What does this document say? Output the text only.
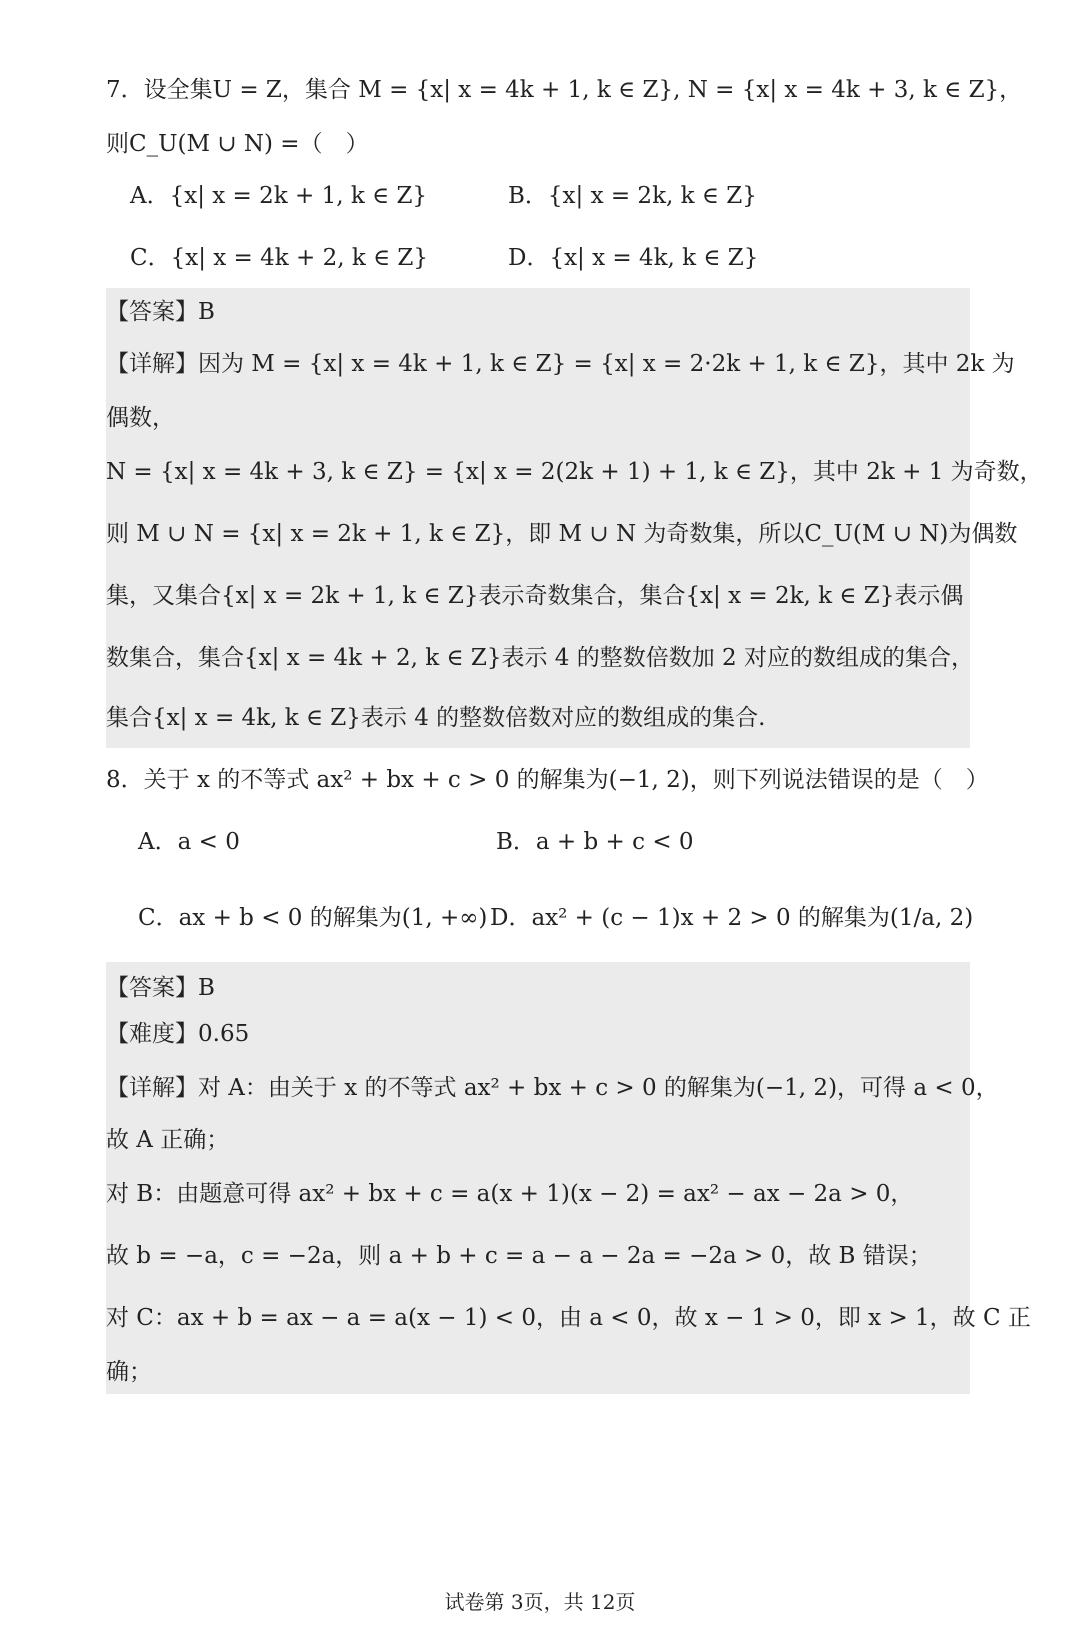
7．设全集U = Z，集合 M = {x| x = 4k + 1, k ∈ Z}, N = {x| x = 4k + 3, k ∈ Z}，
则C_U(M ∪ N) =（　）
A．{x| x = 2k + 1, k ∈ Z}	B．{x| x = 2k, k ∈ Z}
C．{x| x = 4k + 2, k ∈ Z}	D．{x| x = 4k, k ∈ Z}
【答案】B
【详解】因为 M = {x| x = 4k + 1, k ∈ Z} = {x| x = 2·2k + 1, k ∈ Z}，其中 2k 为
偶数，
N = {x| x = 4k + 3, k ∈ Z} = {x| x = 2(2k + 1) + 1, k ∈ Z}，其中 2k + 1 为奇数，
则 M ∪ N = {x| x = 2k + 1, k ∈ Z}，即 M ∪ N 为奇数集，所以C_U(M ∪ N)为偶数
集，又集合{x| x = 2k + 1, k ∈ Z}表示奇数集合，集合{x| x = 2k, k ∈ Z}表示偶
数集合，集合{x| x = 4k + 2, k ∈ Z}表示 4 的整数倍数加 2 对应的数组成的集合，
集合{x| x = 4k, k ∈ Z}表示 4 的整数倍数对应的数组成的集合.
8．关于 x 的不等式 ax² + bx + c > 0 的解集为(−1, 2)，则下列说法错误的是（　）
A．a < 0	B．a + b + c < 0
C．ax + b < 0 的解集为(1, +∞) D．ax² + (c − 1)x + 2 > 0 的解集为(1/a, 2)
【答案】B
【难度】0.65
【详解】对 A：由关于 x 的不等式 ax² + bx + c > 0 的解集为(−1, 2)，可得 a < 0，
故 A 正确；
对 B：由题意可得 ax² + bx + c = a(x + 1)(x − 2) = ax² − ax − 2a > 0，
故 b = −a，c = −2a，则 a + b + c = a − a − 2a = −2a > 0，故 B 错误；
对 C：ax + b = ax − a = a(x − 1) < 0，由 a < 0，故 x − 1 > 0，即 x > 1，故 C 正
确；
试卷第 3页，共 12页
